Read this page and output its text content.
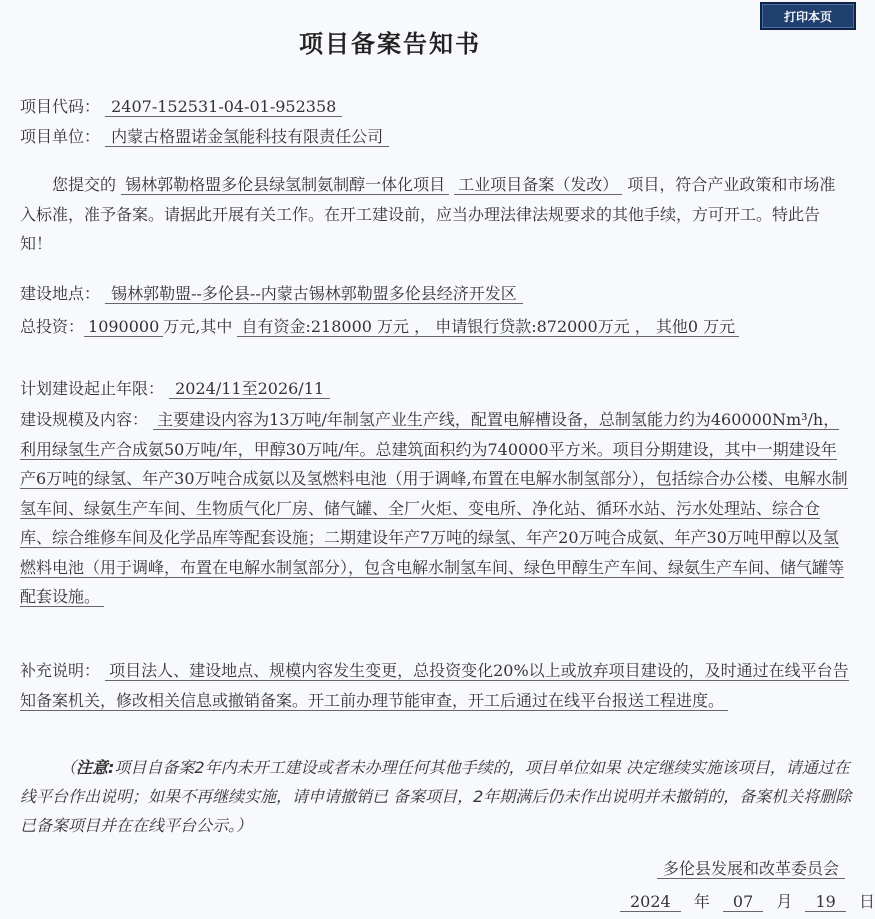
打印本页
项目备案告知书
项目代码： 2407-152531-04-01-952358
项目单位： 内蒙古格盟诺金氢能科技有限责任公司
您提交的 锡林郭勒格盟多伦县绿氢制氨制醇一体化项目 工业项目备案（发改） 项目，符合产业政策和市场准入标准，准予备案。请据此开展有关工作。在开工建设前，应当办理法律法规要求的其他手续，方可开工。特此告知！
建设地点： 锡林郭勒盟--多伦县--内蒙古锡林郭勒盟多伦县经济开发区
总投资： 1090000 万元,其中 自有资金:218000 万元 ， 申请银行贷款:872000万元 ， 其他0 万元
计划建设起止年限： 2024/11至2026/11
建设规模及内容： 主要建设内容为13万吨/年制氢产业生产线，配置电解槽设备，总制氢能力约为460000Nm³/h，利用绿氢生产合成氨50万吨/年，甲醇30万吨/年。总建筑面积约为740000平方米。项目分期建设，其中一期建设年产6万吨的绿氢、年产30万吨合成氨以及氢燃料电池（用于调峰,布置在电解水制氢部分），包括综合办公楼、电解水制氢车间、绿氨生产车间、生物质气化厂房、储气罐、全厂火炬、变电所、净化站、循环水站、污水处理站、综合仓库、综合维修车间及化学品库等配套设施；二期建设年产7万吨的绿氢、年产20万吨合成氨、年产30万吨甲醇以及氢燃料电池（用于调峰，布置在电解水制氢部分），包含电解水制氢车间、绿色甲醇生产车间、绿氨生产车间、储气罐等配套设施。
补充说明： 项目法人、建设地点、规模内容发生变更，总投资变化20%以上或放弃项目建设的，及时通过在线平台告知备案机关，修改相关信息或撤销备案。开工前办理节能审查，开工后通过在线平台报送工程进度。
（注意:项目自备案2年内未开工建设或者未办理任何其他手续的，项目单位如果 决定继续实施该项目，请通过在线平台作出说明；如果不再继续实施，请申请撤销已 备案项目，2年期满后仍未作出说明并未撤销的，备案机关将删除已备案项目并在在线平台公示。）
多伦县发展和改革委员会
2024 年 07 月 19 日
